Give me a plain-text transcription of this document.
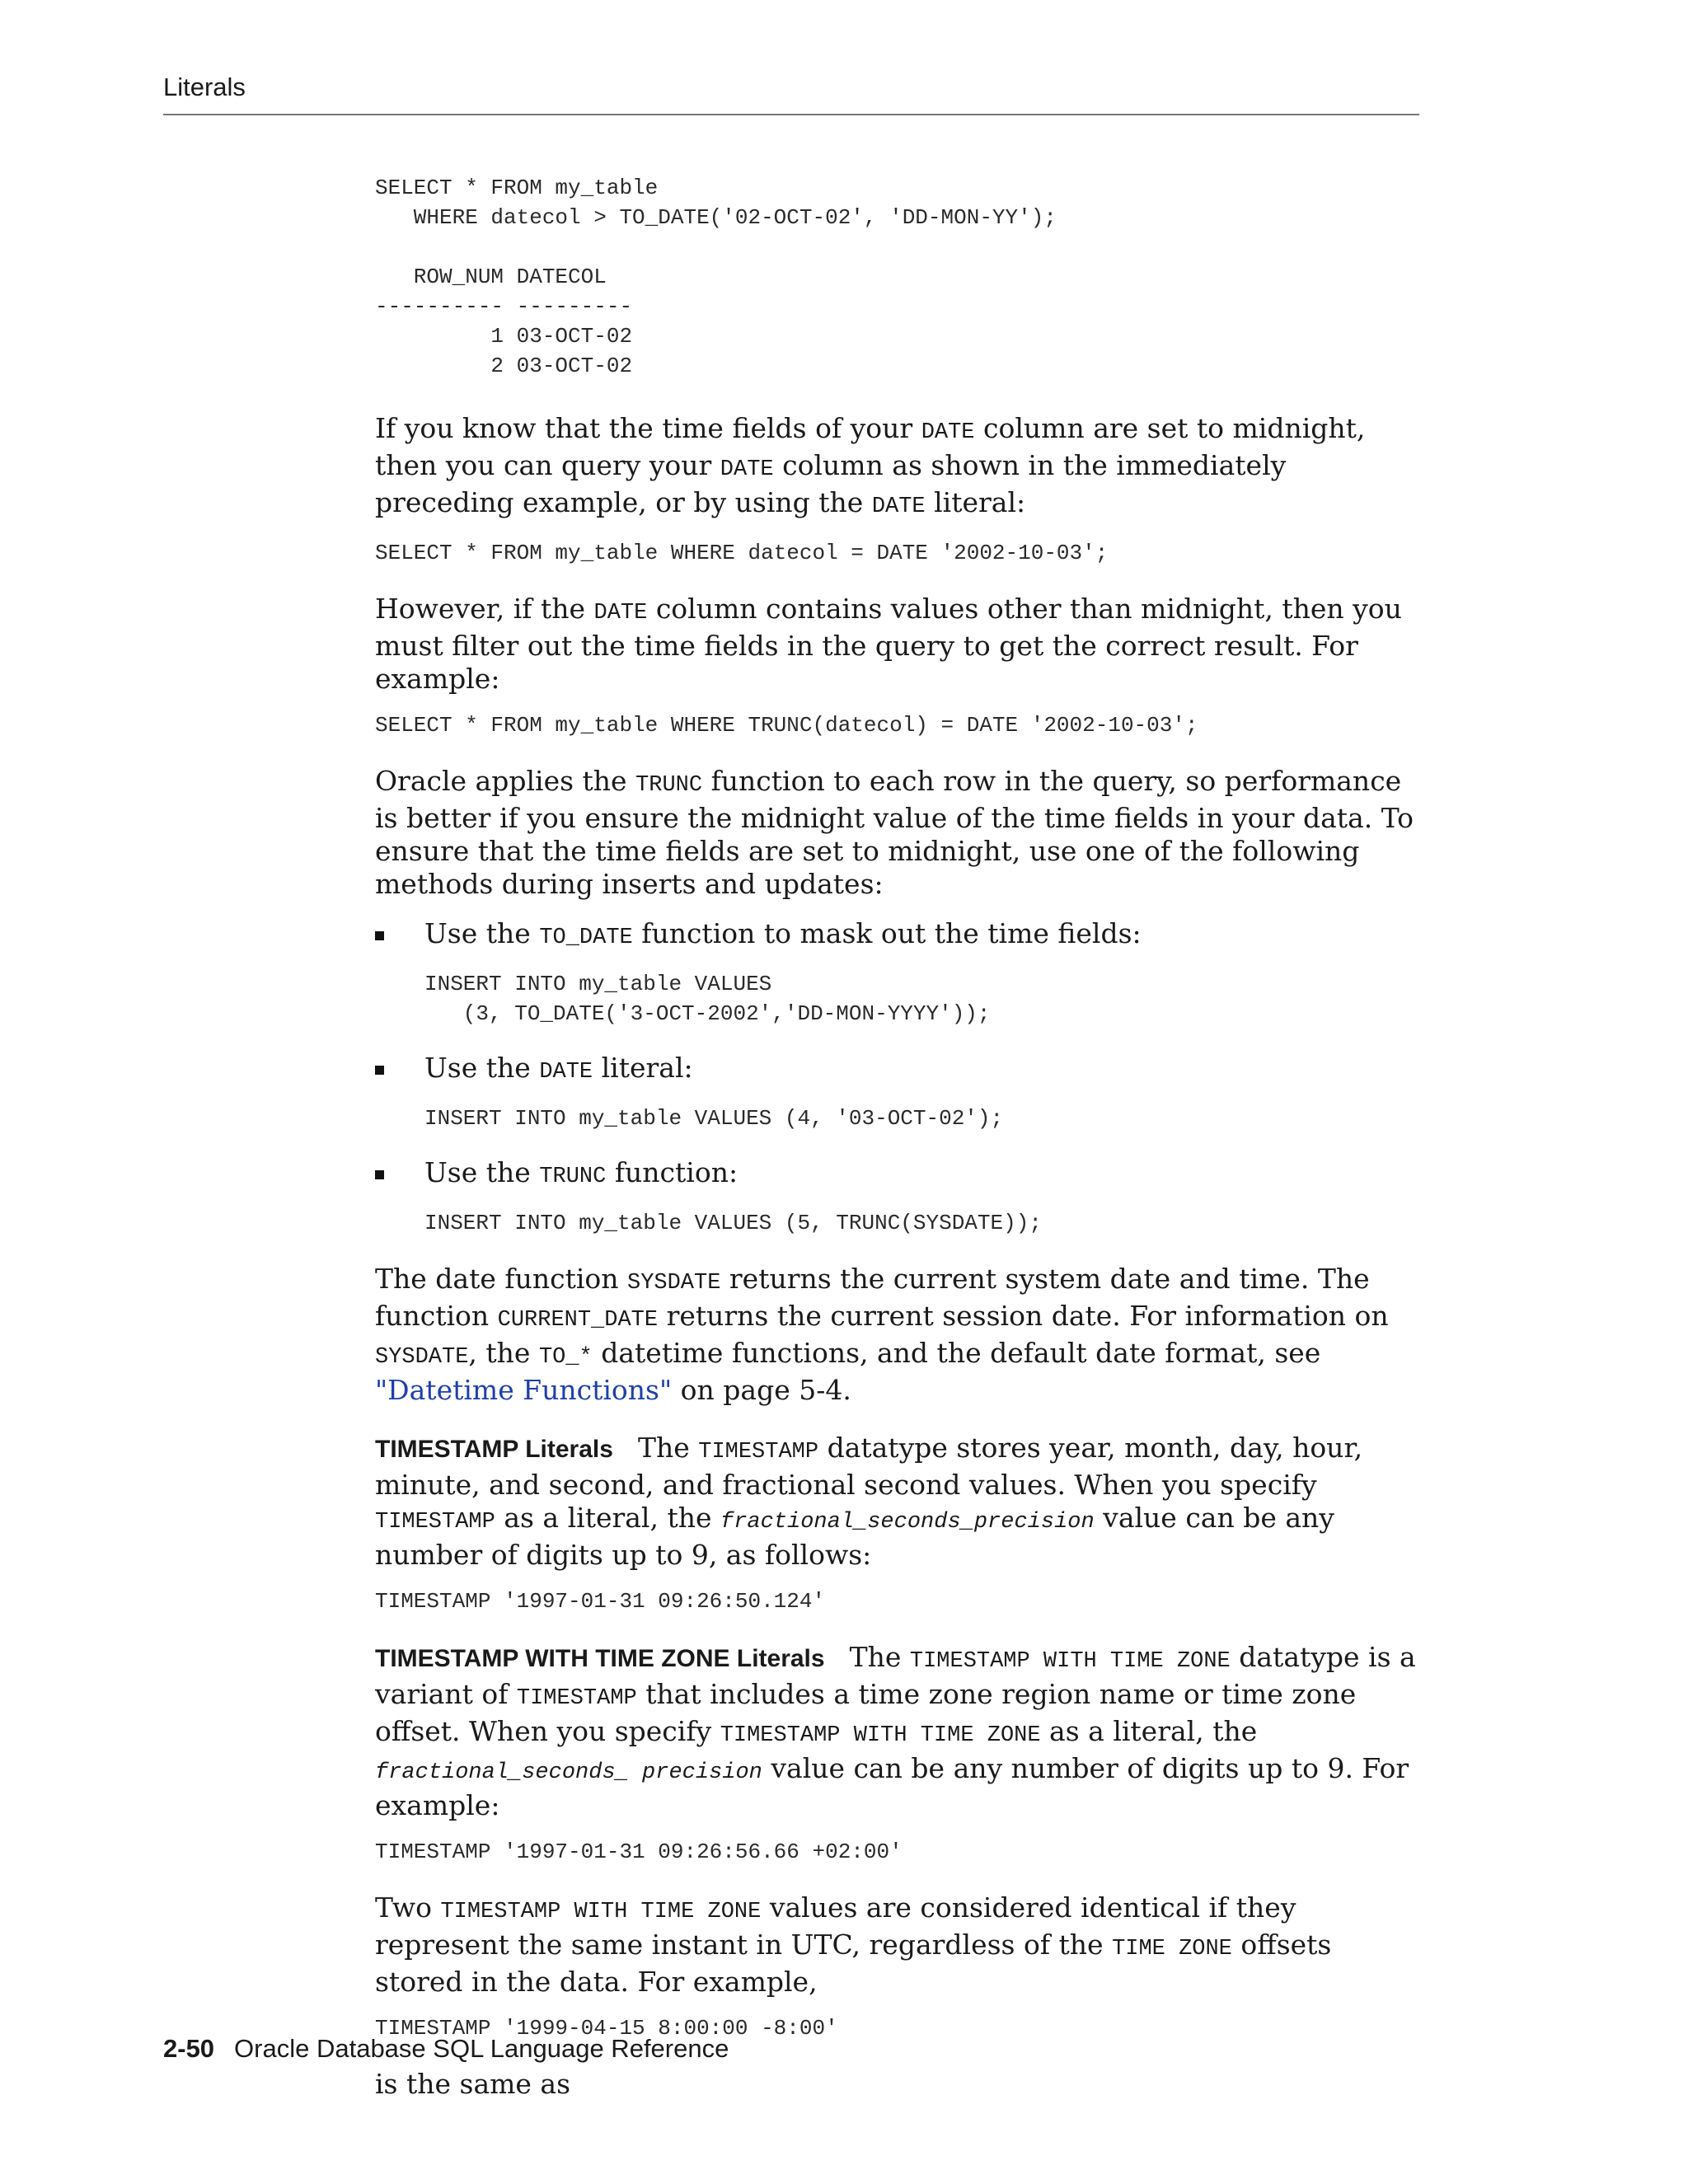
Literals
SELECT * FROM my_table
WHERE datecol > TO_DATE('02-OCT-02', 'DD-MON-YY');

ROW_NUM DATECOL
---------- ---------
1 03-OCT-02
2 03-OCT-02

If you know that the time fields of your DATE column are set to midnight, then you can query your DATE column as shown in the immediately preceding example, or by using the DATE literal:

SELECT * FROM my_table WHERE datecol = DATE '2002-10-03';

However, if the DATE column contains values other than midnight, then you must filter out the time fields in the query to get the correct result. For example:

SELECT * FROM my_table WHERE TRUNC(datecol) = DATE '2002-10-03';

Oracle applies the TRUNC function to each row in the query, so performance is better if you ensure the midnight value of the time fields in your data. To ensure that the time fields are set to midnight, use one of the following methods during inserts and updates:

Use the TO_DATE function to mask out the time fields:
INSERT INTO my_table VALUES
(3, TO_DATE('3-OCT-2002','DD-MON-YYYY'));
Use the DATE literal:
INSERT INTO my_table VALUES (4, '03-OCT-02');
Use the TRUNC function:
INSERT INTO my_table VALUES (5, TRUNC(SYSDATE));

The date function SYSDATE returns the current system date and time. The function CURRENT_DATE returns the current session date. For information on SYSDATE, the TO_* datetime functions, and the default date format, see "Datetime Functions" on page 5-4.

TIMESTAMP Literals The TIMESTAMP datatype stores year, month, day, hour, minute, and second, and fractional second values. When you specify TIMESTAMP as a literal, the fractional_seconds_precision value can be any number of digits up to 9, as follows:

TIMESTAMP '1997-01-31 09:26:50.124'

TIMESTAMP WITH TIME ZONE Literals The TIMESTAMP WITH TIME ZONE datatype is a variant of TIMESTAMP that includes a time zone region name or time zone offset. When you specify TIMESTAMP WITH TIME ZONE as a literal, the fractional_seconds_ precision value can be any number of digits up to 9. For example:

TIMESTAMP '1997-01-31 09:26:56.66 +02:00'

Two TIMESTAMP WITH TIME ZONE values are considered identical if they represent the same instant in UTC, regardless of the TIME ZONE offsets stored in the data. For example,

TIMESTAMP '1999-04-15 8:00:00 -8:00'

is the same as

2-50 Oracle Database SQL Language Reference
